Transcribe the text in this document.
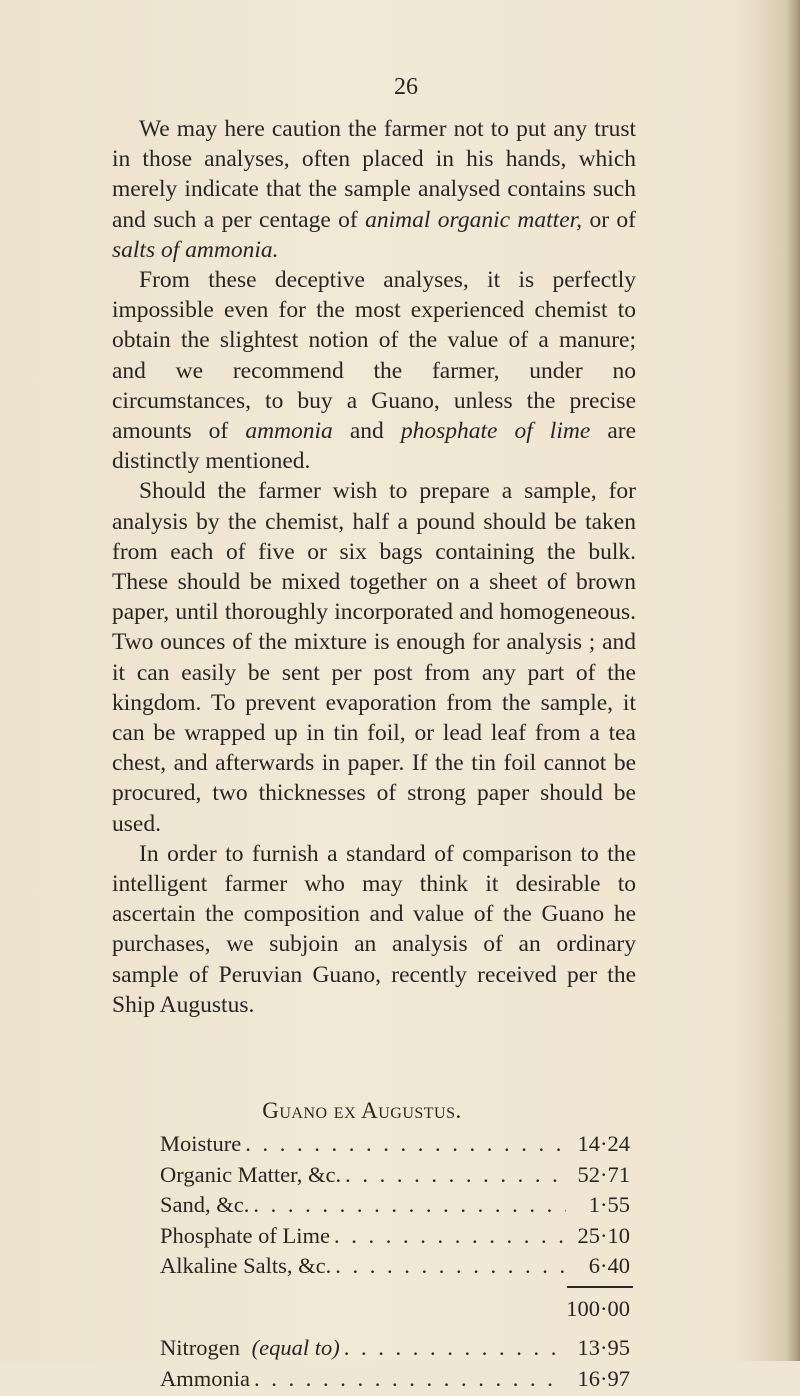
26

We may here caution the farmer not to put any trust in those analyses, often placed in his hands, which merely indicate that the sample analysed contains such and such a per centage of animal organic matter, or of salts of ammonia.

From these deceptive analyses, it is perfectly impossible even for the most experienced chemist to obtain the slightest notion of the value of a manure; and we recommend the farmer, under no circumstances, to buy a Guano, unless the precise amounts of ammonia and phosphate of lime are distinctly mentioned.

Should the farmer wish to prepare a sample, for analysis by the chemist, half a pound should be taken from each of five or six bags containing the bulk. These should be mixed together on a sheet of brown paper, until thoroughly incorporated and homogeneous. Two ounces of the mixture is enough for analysis ; and it can easily be sent per post from any part of the kingdom. To prevent evaporation from the sample, it can be wrapped up in tin foil, or lead leaf from a tea chest, and afterwards in paper. If the tin foil cannot be procured, two thicknesses of strong paper should be used.

In order to furnish a standard of comparison to the intelligent farmer who may think it desirable to ascertain the composition and value of the Guano he purchases, we subjoin an analysis of an ordinary sample of Peruvian Guano, recently received per the Ship Augustus.

Guano ex Augustus.
Moisture . . .	14·24
Organic Matter, &c. . . .	52·71
Sand, &c. . . .	1·55
Phosphate of Lime . . .	25·10
Alkaline Salts, &c. . . .	6·40
100·00
Nitrogen (equal to) . . .	13·95
Ammonia . . .	16·97
